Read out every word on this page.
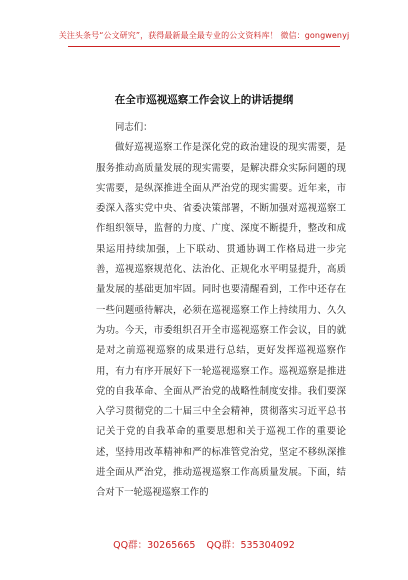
关注头条号“公文研究”，获得最新最全最专业的公文资料库！ 微信：gongwenyj
在全市巡视巡察工作会议上的讲话提纲

同志们：

做好巡视巡察工作是深化党的政治建设的现实需要，是服务推动高质量发展的现实需要，是解决群众实际问题的现实需要，是纵深推进全面从严治党的现实需要。近年来，市委深入落实党中央、省委决策部署，不断加强对巡视巡察工作组织领导，监督的力度、广度、深度不断提升，整改和成果运用持续加强，上下联动、贯通协调工作格局进一步完善，巡视巡察规范化、法治化、正规化水平明显提升，高质量发展的基础更加牢固。同时也要清醒看到，工作中还存在一些问题亟待解决，必须在巡视巡察工作上持续用力、久久为功。今天，市委组织召开全市巡视巡察工作会议，目的就是对之前巡视巡察的成果进行总结，更好发挥巡视巡察作用，有力有序开展好下一轮巡视巡察工作。巡视巡察是推进党的自我革命、全面从严治党的战略性制度安排。我们要深入学习贯彻党的二十届三中全会精神，贯彻落实习近平总书记关于党的自我革命的重要思想和关于巡视工作的重要论述，坚持用改革精神和严的标准管党治党，坚定不移纵深推进全面从严治党，推动巡视巡察工作高质量发展。下面，结合对下一轮巡视巡察工作的

QQ群：30265665 QQ群：535304092
